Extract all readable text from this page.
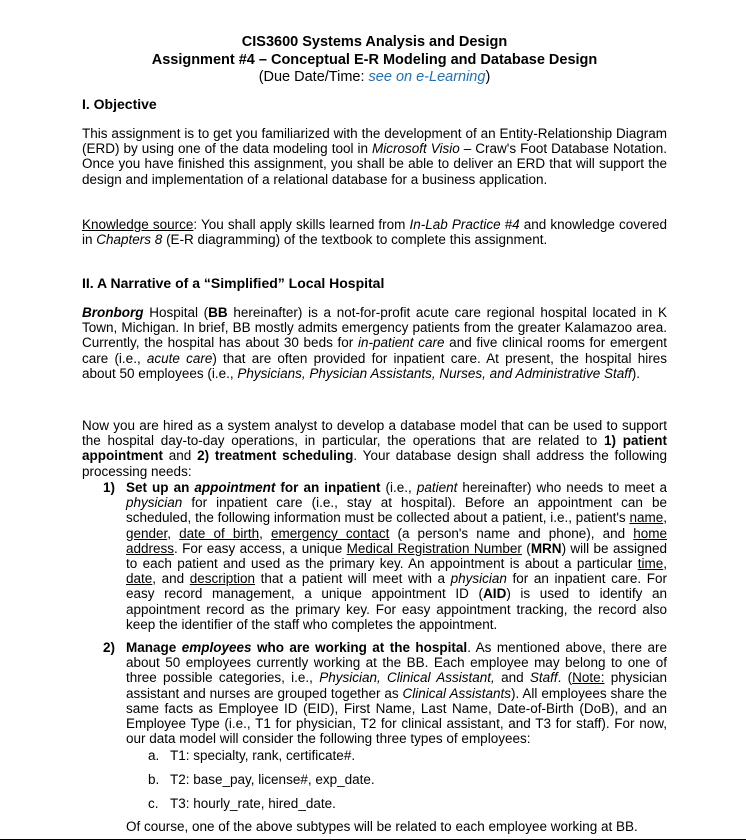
CIS3600 Systems Analysis and Design
Assignment #4 – Conceptual E-R Modeling and Database Design
(Due Date/Time: see on e-Learning)
I. Objective
This assignment is to get you familiarized with the development of an Entity-Relationship Diagram (ERD) by using one of the data modeling tool in Microsoft Visio – Craw's Foot Database Notation. Once you have finished this assignment, you shall be able to deliver an ERD that will support the design and implementation of a relational database for a business application.
Knowledge source: You shall apply skills learned from In-Lab Practice #4 and knowledge covered in Chapters 8 (E-R diagramming) of the textbook to complete this assignment.
II. A Narrative of a “Simplified” Local Hospital
Bronborg Hospital (BB hereinafter) is a not-for-profit acute care regional hospital located in K Town, Michigan. In brief, BB mostly admits emergency patients from the greater Kalamazoo area. Currently, the hospital has about 30 beds for in-patient care and five clinical rooms for emergent care (i.e., acute care) that are often provided for inpatient care. At present, the hospital hires about 50 employees (i.e., Physicians, Physician Assistants, Nurses, and Administrative Staff).
Now you are hired as a system analyst to develop a database model that can be used to support the hospital day-to-day operations, in particular, the operations that are related to 1) patient appointment and 2) treatment scheduling. Your database design shall address the following processing needs:
1) Set up an appointment for an inpatient (i.e., patient hereinafter) who needs to meet a physician for inpatient care (i.e., stay at hospital). Before an appointment can be scheduled, the following information must be collected about a patient, i.e., patient's name, gender, date of birth, emergency contact (a person's name and phone), and home address. For easy access, a unique Medical Registration Number (MRN) will be assigned to each patient and used as the primary key. An appointment is about a particular time, date, and description that a patient will meet with a physician for an inpatient care. For easy record management, a unique appointment ID (AID) is used to identify an appointment record as the primary key. For easy appointment tracking, the record also keep the identifier of the staff who completes the appointment.
2) Manage employees who are working at the hospital. As mentioned above, there are about 50 employees currently working at the BB. Each employee may belong to one of three possible categories, i.e., Physician, Clinical Assistant, and Staff. (Note: physician assistant and nurses are grouped together as Clinical Assistants). All employees share the same facts as Employee ID (EID), First Name, Last Name, Date-of-Birth (DoB), and an Employee Type (i.e., T1 for physician, T2 for clinical assistant, and T3 for staff). For now, our data model will consider the following three types of employees:
a. T1: specialty, rank, certificate#.
b. T2: base_pay, license#, exp_date.
c. T3: hourly_rate, hired_date.
Of course, one of the above subtypes will be related to each employee working at BB.
